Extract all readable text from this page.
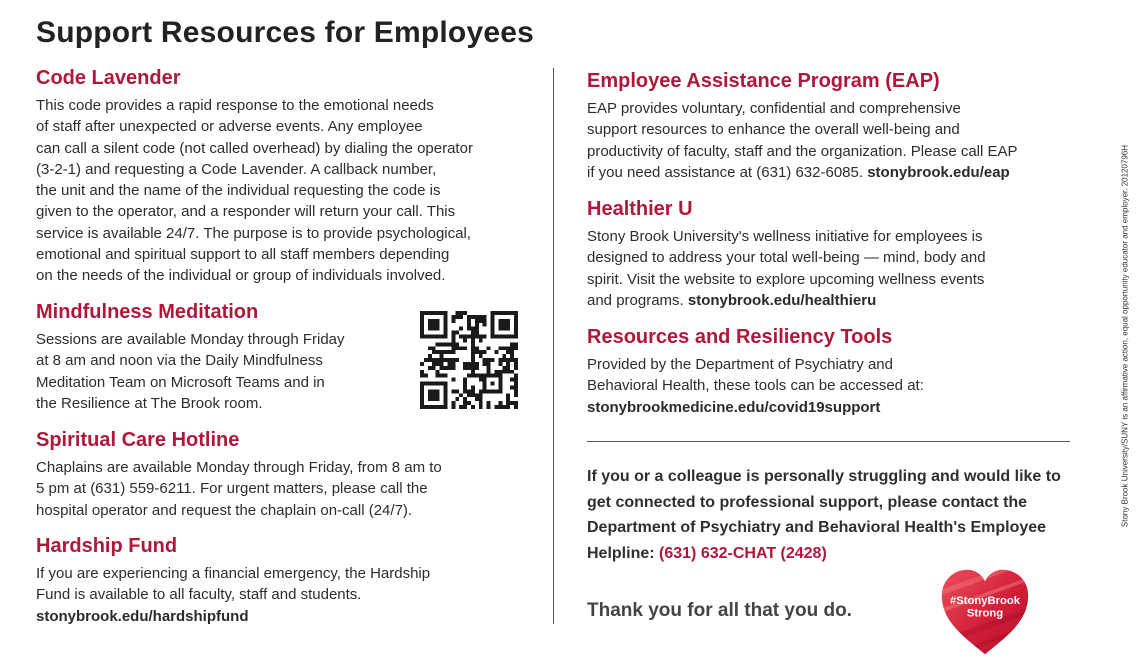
Support Resources for Employees
Code Lavender

This code provides a rapid response to the emotional needs
of staff after unexpected or adverse events. Any employee
can call a silent code (not called overhead) by dialing the operator
(3-2-1) and requesting a Code Lavender. A callback number,
the unit and the name of the individual requesting the code is
given to the operator, and a responder will return your call. This
service is available 24/7. The purpose is to provide psychological,
emotional and spiritual support to all staff members depending
on the needs of the individual or group of individuals involved.

Mindfulness Meditation

Sessions are available Monday through Friday
at 8 am and noon via the Daily Mindfulness
Meditation Team on Microsoft Teams and in
the Resilience at The Brook room.

Spiritual Care Hotline

Chaplains are available Monday through Friday, from 8 am to
5 pm at (631) 559-6211. For urgent matters, please call the
hospital operator and request the chaplain on-call (24/7).

Hardship Fund

If you are experiencing a financial emergency, the Hardship
Fund is available to all faculty, staff and students.
stonybrook.edu/hardshipfund

Employee Assistance Program (EAP)

EAP provides voluntary, confidential and comprehensive
support resources to enhance the overall well-being and
productivity of faculty, staff and the organization. Please call EAP
if you need assistance at (631) 632-6085. stonybrook.edu/eap

Healthier U

Stony Brook University's wellness initiative for employees is
designed to address your total well-being — mind, body and
spirit. Visit the website to explore upcoming wellness events
and programs. stonybrook.edu/healthieru

Resources and Resiliency Tools

Provided by the Department of Psychiatry and
Behavioral Health, these tools can be accessed at:
stonybrookmedicine.edu/covid19support

If you or a colleague is personally struggling and would like to
get connected to professional support, please contact the
Department of Psychiatry and Behavioral Health's Employee
Helpline: (631) 632-CHAT (2428)
Thank you for all that you do.	#StonyBrook
Strong
Stony Brook University/SUNY is an affirmative action, equal opportunity educator and employer. 20120796H
